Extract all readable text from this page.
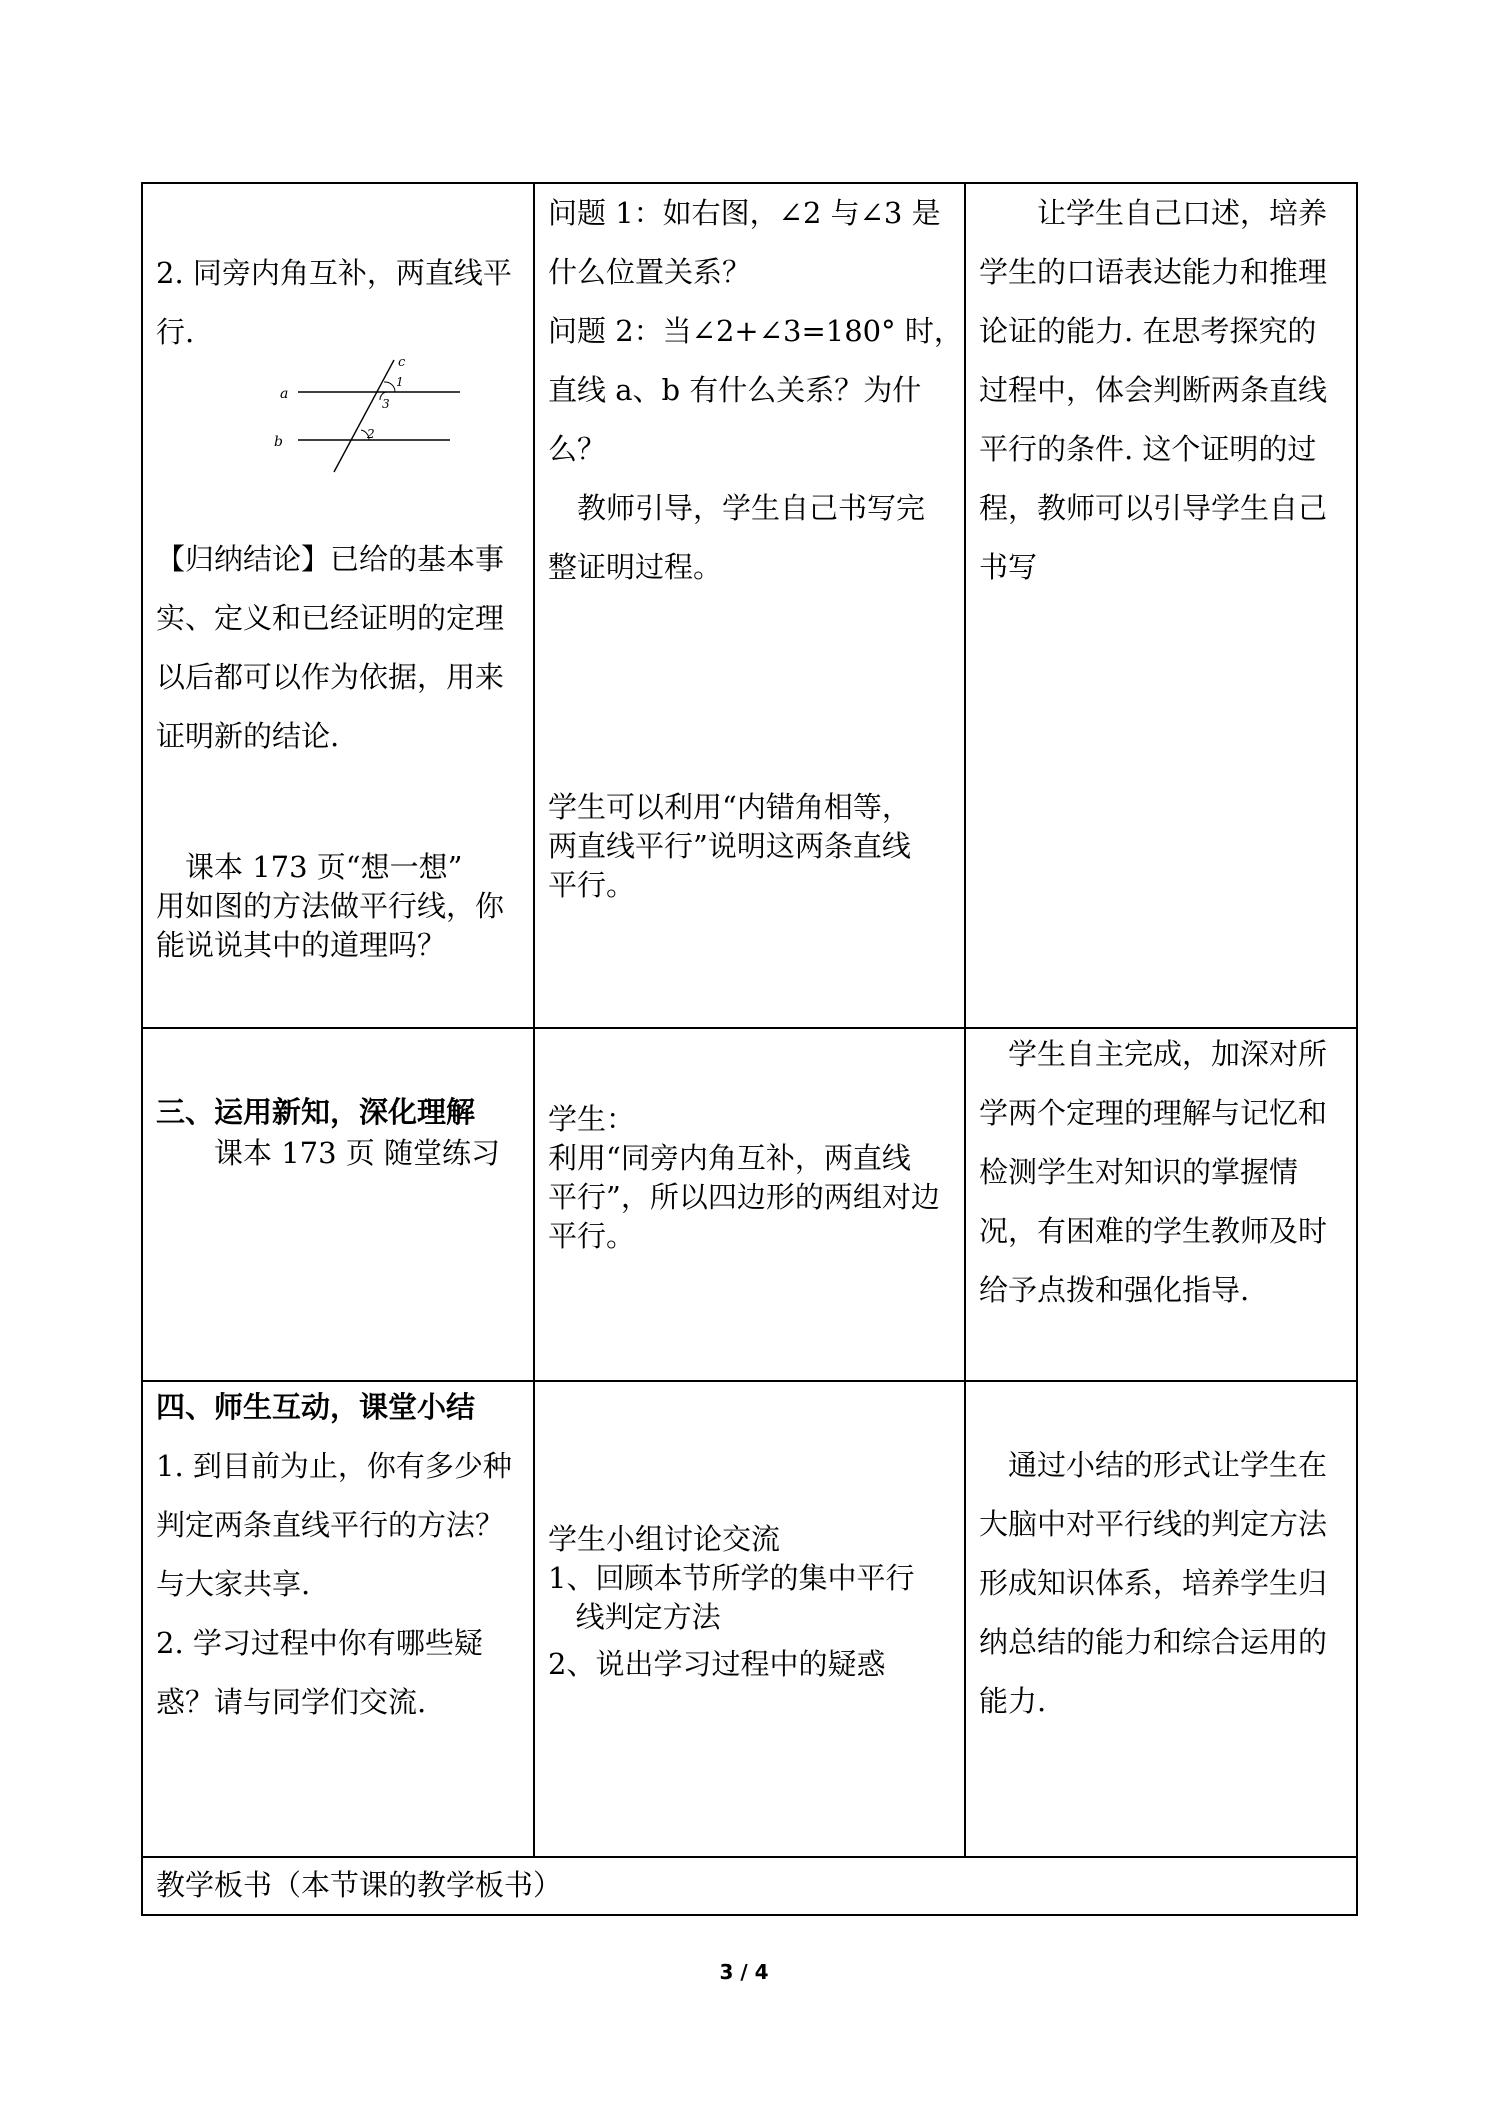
2. 同旁内角互补，两直线平

行.

a
b
c
1
3
2

【归纳结论】已给的基本事

实、定义和已经证明的定理

以后都可以作为依据，用来

证明新的结论.

课本 173 页“想一想”

用如图的方法做平行线，你

能说说其中的道理吗？

问题 1：如右图，∠2 与∠3 是

什么位置关系？

问题 2：当∠2+∠3=180° 时，

直线 a、b 有什么关系？为什

么？

教师引导，学生自己书写完

整证明过程。

学生可以利用“内错角相等，

两直线平行”说明这两条直线

平行。

让学生自己口述，培养

学生的口语表达能力和推理

论证的能力. 在思考探究的

过程中，体会判断两条直线

平行的条件. 这个证明的过

程，教师可以引导学生自己

书写

三、运用新知，深化理解

课本 173 页 随堂练习

学生：

利用“同旁内角互补，两直线

平行”，所以四边形的两组对边

平行。

学生自主完成，加深对所

学两个定理的理解与记忆和

检测学生对知识的掌握情

况，有困难的学生教师及时

给予点拨和强化指导.

四、师生互动，课堂小结

1. 到目前为止，你有多少种

判定两条直线平行的方法？

与大家共享.

2. 学习过程中你有哪些疑

惑？请与同学们交流.

学生小组讨论交流

1、回顾本节所学的集中平行

线判定方法

2、说出学习过程中的疑惑

通过小结的形式让学生在

大脑中对平行线的判定方法

形成知识体系，培养学生归

纳总结的能力和综合运用的

能力.

教学板书（本节课的教学板书）

3 / 4
